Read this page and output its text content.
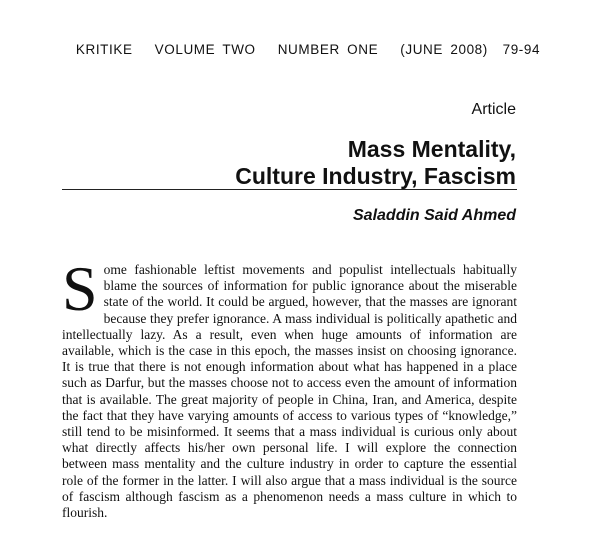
KRITIKE   VOLUME TWO   NUMBER ONE   (JUNE 2008)  79-94
Article
Mass Mentality,
Culture Industry, Fascism
Saladdin Said Ahmed

Some fashionable leftist movements and populist intellectuals habitually blame the sources of information for public ignorance about the miserable state of the world. It could be argued, however, that the masses are ignorant because they prefer ignorance. A mass individual is politically apathetic and intellectually lazy. As a result, even when huge amounts of information are available, which is the case in this epoch, the masses insist on choosing ignorance. It is true that there is not enough information about what has happened in a place such as Darfur, but the masses choose not to access even the amount of information that is available. The great majority of people in China, Iran, and America, despite the fact that they have varying amounts of access to various types of “knowledge,” still tend to be misinformed. It seems that a mass individual is curious only about what directly affects his/her own personal life. I will explore the connection between mass mentality and the culture industry in order to capture the essential role of the former in the latter. I will also argue that a mass individual is the source of fascism although fascism as a phenomenon needs a mass culture in which to flourish.
